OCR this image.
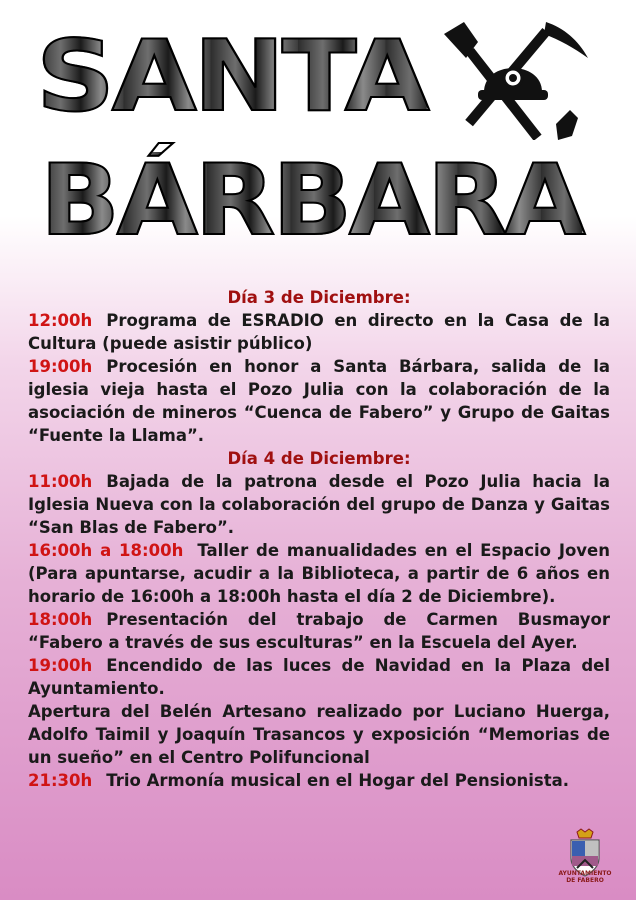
SANTA
BÁRBARA

Día 3 de Diciembre:

12:00h Programa de ESRADIO en directo en la Casa de la Cultura (puede asistir público)

19:00h Procesión en honor a Santa Bárbara, salida de la iglesia vieja hasta el Pozo Julia con la colaboración de la asociación de mineros “Cuenca de Fabero” y Grupo de Gaitas “Fuente la Llama”.

Día 4 de Diciembre:

11:00h Bajada de la patrona desde el Pozo Julia hacia la Iglesia Nueva con la colaboración del grupo de Danza y Gaitas “San Blas de Fabero”.

16:00h a 18:00h Taller de manualidades en el Espacio Joven (Para apuntarse, acudir a la Biblioteca, a partir de 6 años en horario de 16:00h a 18:00h hasta el día 2 de Diciembre).

18:00h Presentación del trabajo de Carmen Busmayor “Fabero a través de sus esculturas” en la Escuela del Ayer.

19:00h Encendido de las luces de Navidad en la Plaza del Ayuntamiento.

Apertura del Belén Artesano realizado por Luciano Huerga, Adolfo Taimil y Joaquín Trasancos y exposición “Memorias de un sueño” en el Centro Polifuncional

21:30h Trio Armonía musical en el Hogar del Pensionista.

AYUNTAMIENTO
DE FABERO
